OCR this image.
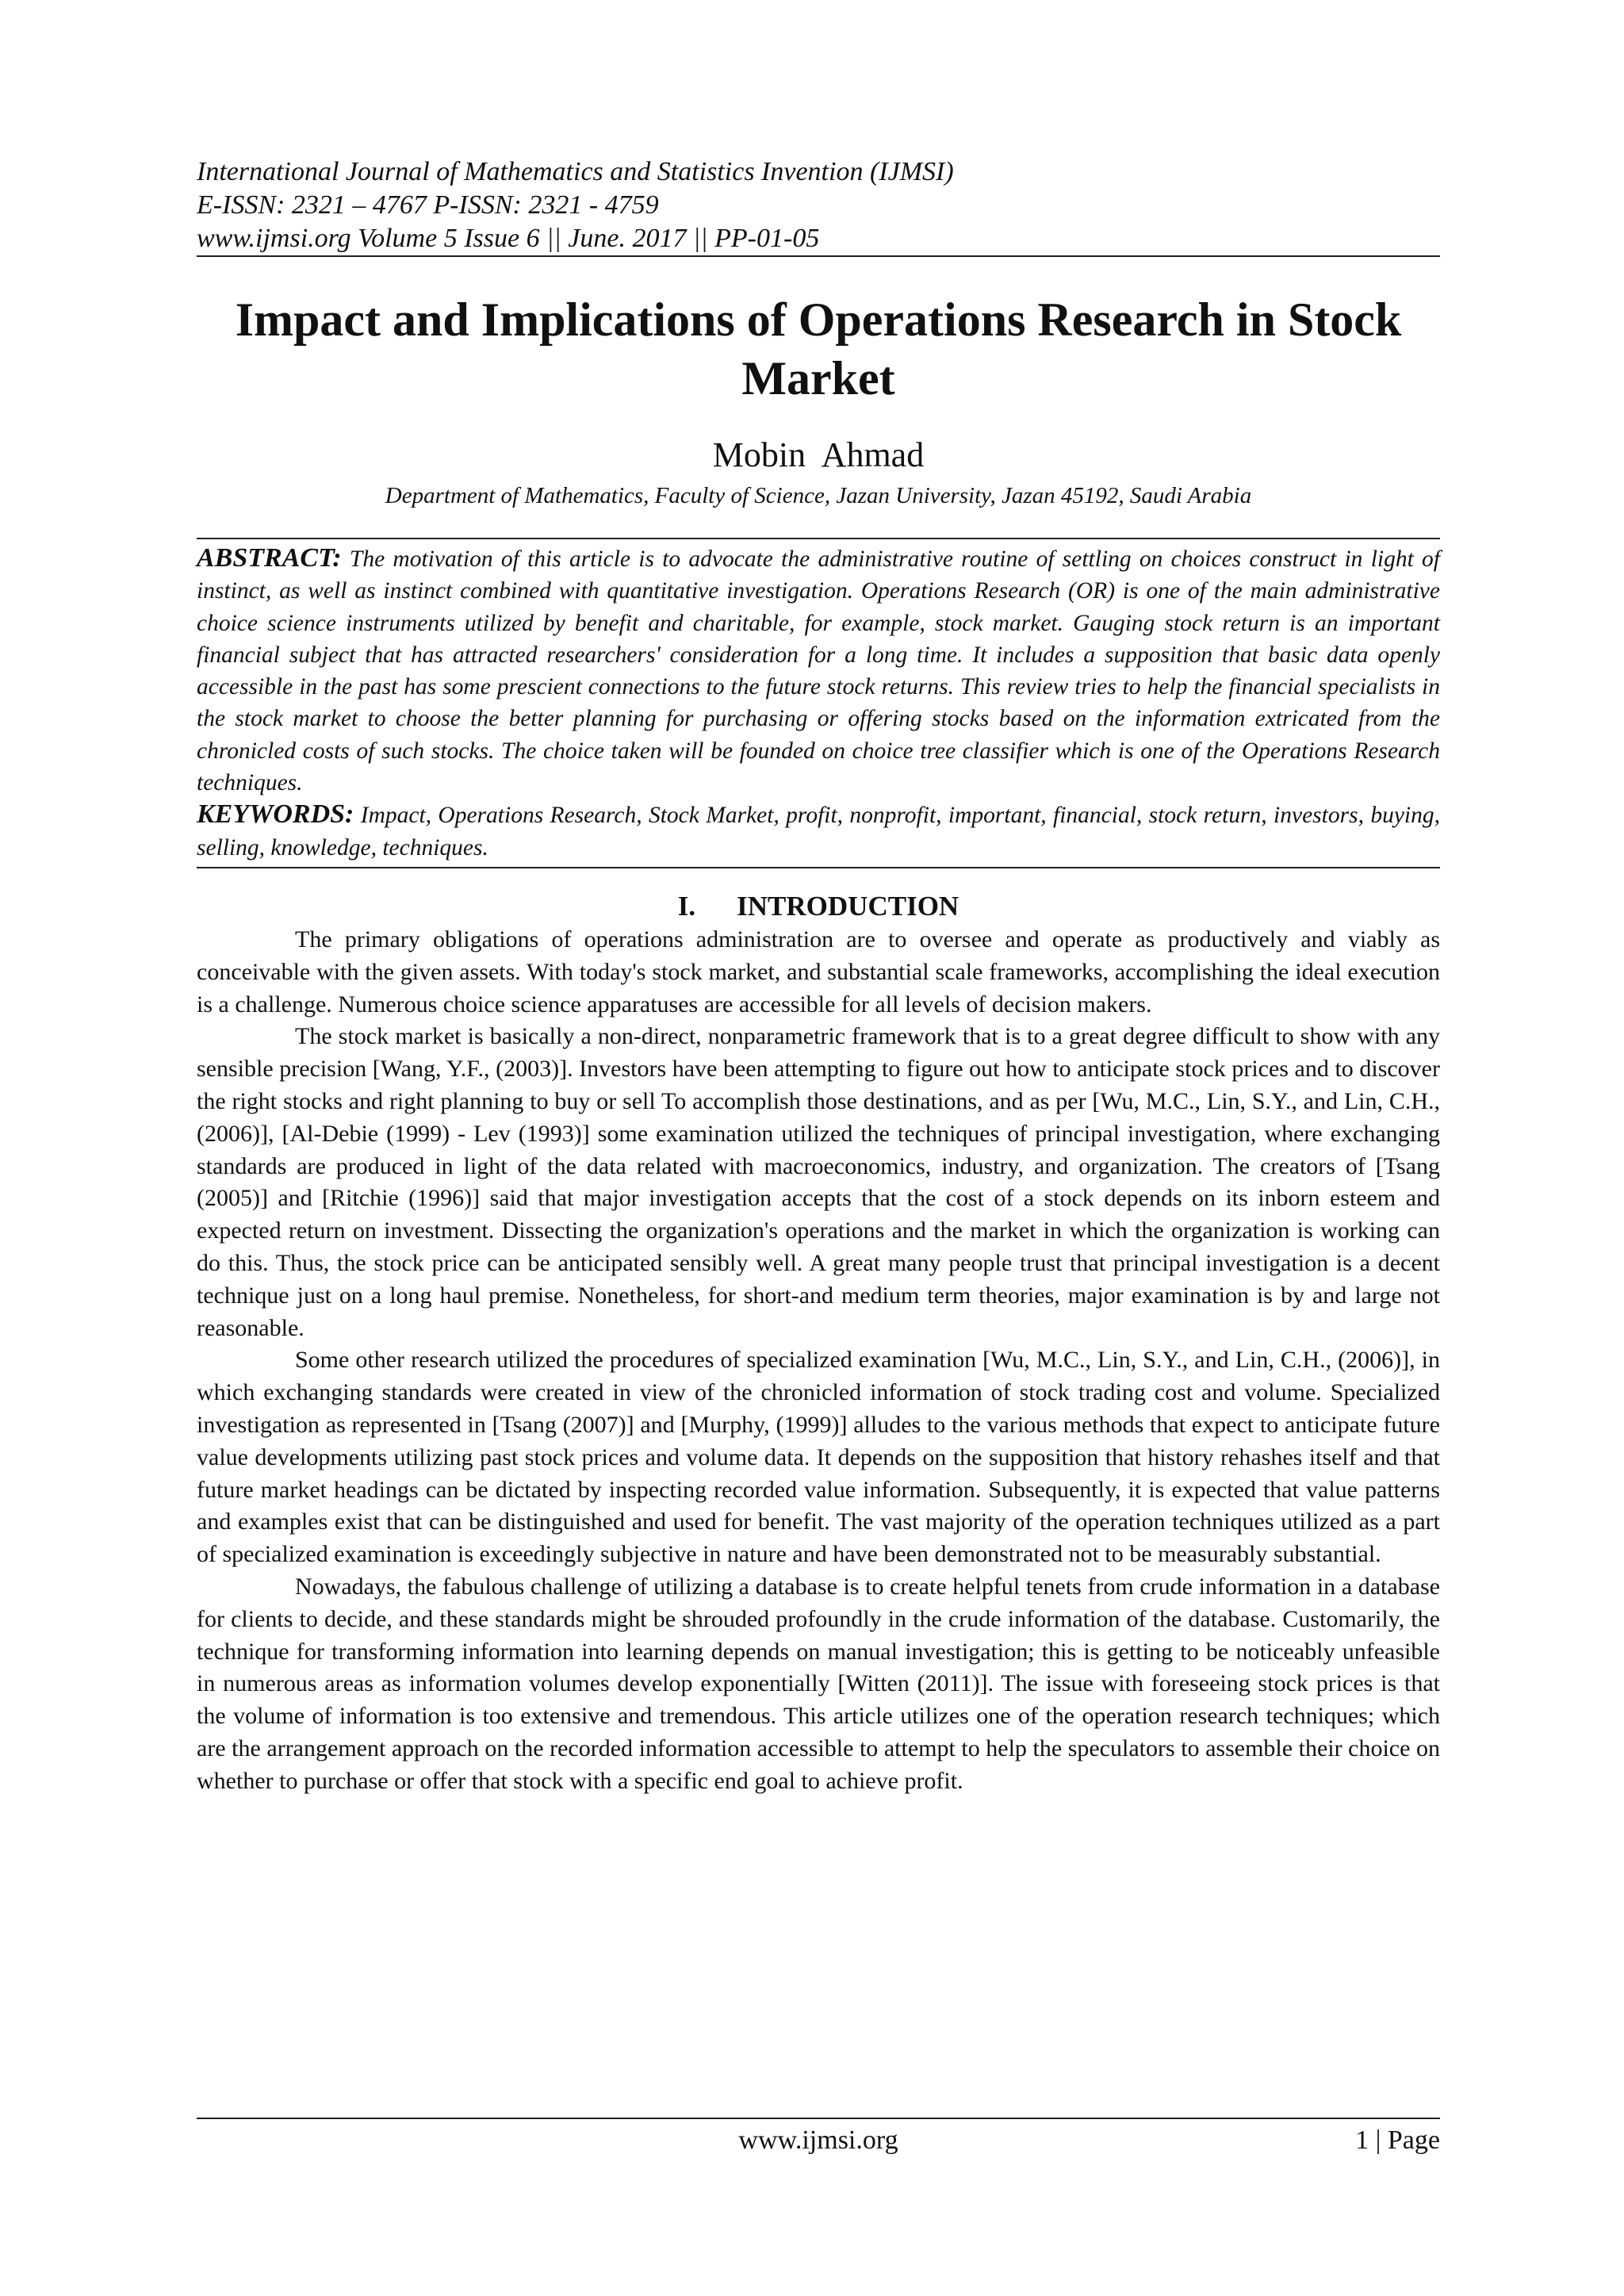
International Journal of Mathematics and Statistics Invention (IJMSI)
E-ISSN: 2321 – 4767 P-ISSN: 2321 - 4759
www.ijmsi.org Volume 5 Issue 6 || June. 2017 || PP-01-05
Impact and Implications of Operations Research in Stock
Market
Mobin  Ahmad
Department of Mathematics, Faculty of Science, Jazan University, Jazan 45192, Saudi Arabia
ABSTRACT: The motivation of this article is to advocate the administrative routine of settling on choices construct in light of instinct, as well as instinct combined with quantitative investigation. Operations Research (OR) is one of the main administrative choice science instruments utilized by benefit and charitable, for example, stock market. Gauging stock return is an important financial subject that has attracted researchers' consideration for a long time. It includes a supposition that basic data openly accessible in the past has some prescient connections to the future stock returns. This review tries to help the financial specialists in the stock market to choose the better planning for purchasing or offering stocks based on the information extricated from the chronicled costs of such stocks. The choice taken will be founded on choice tree classifier which is one of the Operations Research techniques.
KEYWORDS: Impact, Operations Research, Stock Market, profit, nonprofit, important, financial, stock return, investors, buying, selling, knowledge, techniques.
I. INTRODUCTION

The primary obligations of operations administration are to oversee and operate as productively and viably as conceivable with the given assets. With today's stock market, and substantial scale frameworks, accomplishing the ideal execution is a challenge. Numerous choice science apparatuses are accessible for all levels of decision makers.

The stock market is basically a non-direct, nonparametric framework that is to a great degree difficult to show with any sensible precision [Wang, Y.F., (2003)]. Investors have been attempting to figure out how to anticipate stock prices and to discover the right stocks and right planning to buy or sell To accomplish those destinations, and as per [Wu, M.C., Lin, S.Y., and Lin, C.H., (2006)], [Al-Debie (1999) - Lev (1993)] some examination utilized the techniques of principal investigation, where exchanging standards are produced in light of the data related with macroeconomics, industry, and organization. The creators of [Tsang (2005)] and [Ritchie (1996)] said that major investigation accepts that the cost of a stock depends on its inborn esteem and expected return on investment. Dissecting the organization's operations and the market in which the organization is working can do this. Thus, the stock price can be anticipated sensibly well. A great many people trust that principal investigation is a decent technique just on a long haul premise. Nonetheless, for short-and medium term theories, major examination is by and large not reasonable.

Some other research utilized the procedures of specialized examination [Wu, M.C., Lin, S.Y., and Lin, C.H., (2006)], in which exchanging standards were created in view of the chronicled information of stock trading cost and volume. Specialized investigation as represented in [Tsang (2007)] and [Murphy, (1999)] alludes to the various methods that expect to anticipate future value developments utilizing past stock prices and volume data. It depends on the supposition that history rehashes itself and that future market headings can be dictated by inspecting recorded value information. Subsequently, it is expected that value patterns and examples exist that can be distinguished and used for benefit. The vast majority of the operation techniques utilized as a part of specialized examination is exceedingly subjective in nature and have been demonstrated not to be measurably substantial.

Nowadays, the fabulous challenge of utilizing a database is to create helpful tenets from crude information in a database for clients to decide, and these standards might be shrouded profoundly in the crude information of the database. Customarily, the technique for transforming information into learning depends on manual investigation; this is getting to be noticeably unfeasible in numerous areas as information volumes develop exponentially [Witten (2011)]. The issue with foreseeing stock prices is that the volume of information is too extensive and tremendous. This article utilizes one of the operation research techniques; which are the arrangement approach on the recorded information accessible to attempt to help the speculators to assemble their choice on whether to purchase or offer that stock with a specific end goal to achieve profit.

www.ijmsi.org	1 | Page
